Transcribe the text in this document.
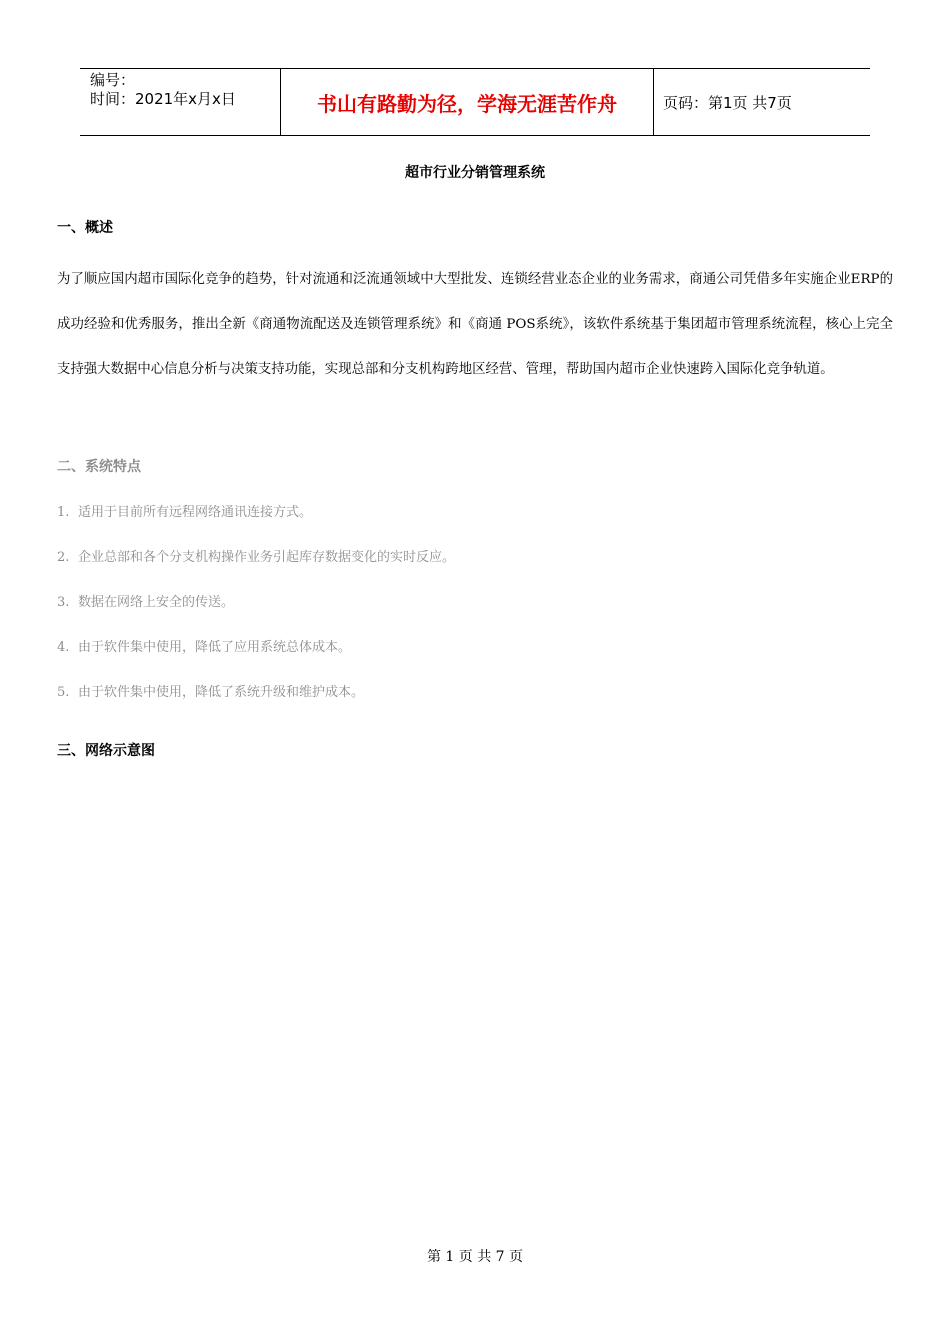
编号：
时间：2021年x月x日	书山有路勤为径，学海无涯苦作舟	页码：第1页 共7页
超市行业分销管理系统
一、概述
为了顺应国内超市国际化竞争的趋势，针对流通和泛流通领域中大型批发、连锁经营业态企业的业务需求，商通公司凭借多年实施企业ERP的成功经验和优秀服务，推出全新《商通物流配送及连锁管理系统》和《商通 POS系统》，该软件系统基于集团超市管理系统流程，核心上完全支持强大数据中心信息分析与决策支持功能，实现总部和分支机构跨地区经营、管理，帮助国内超市企业快速跨入国际化竞争轨道。
二、系统特点
1. 适用于目前所有远程网络通讯连接方式。
2. 企业总部和各个分支机构操作业务引起库存数据变化的实时反应。
3. 数据在网络上安全的传送。
4. 由于软件集中使用，降低了应用系统总体成本。
5. 由于软件集中使用，降低了系统升级和维护成本。
三、网络示意图
第 1 页 共 7 页
